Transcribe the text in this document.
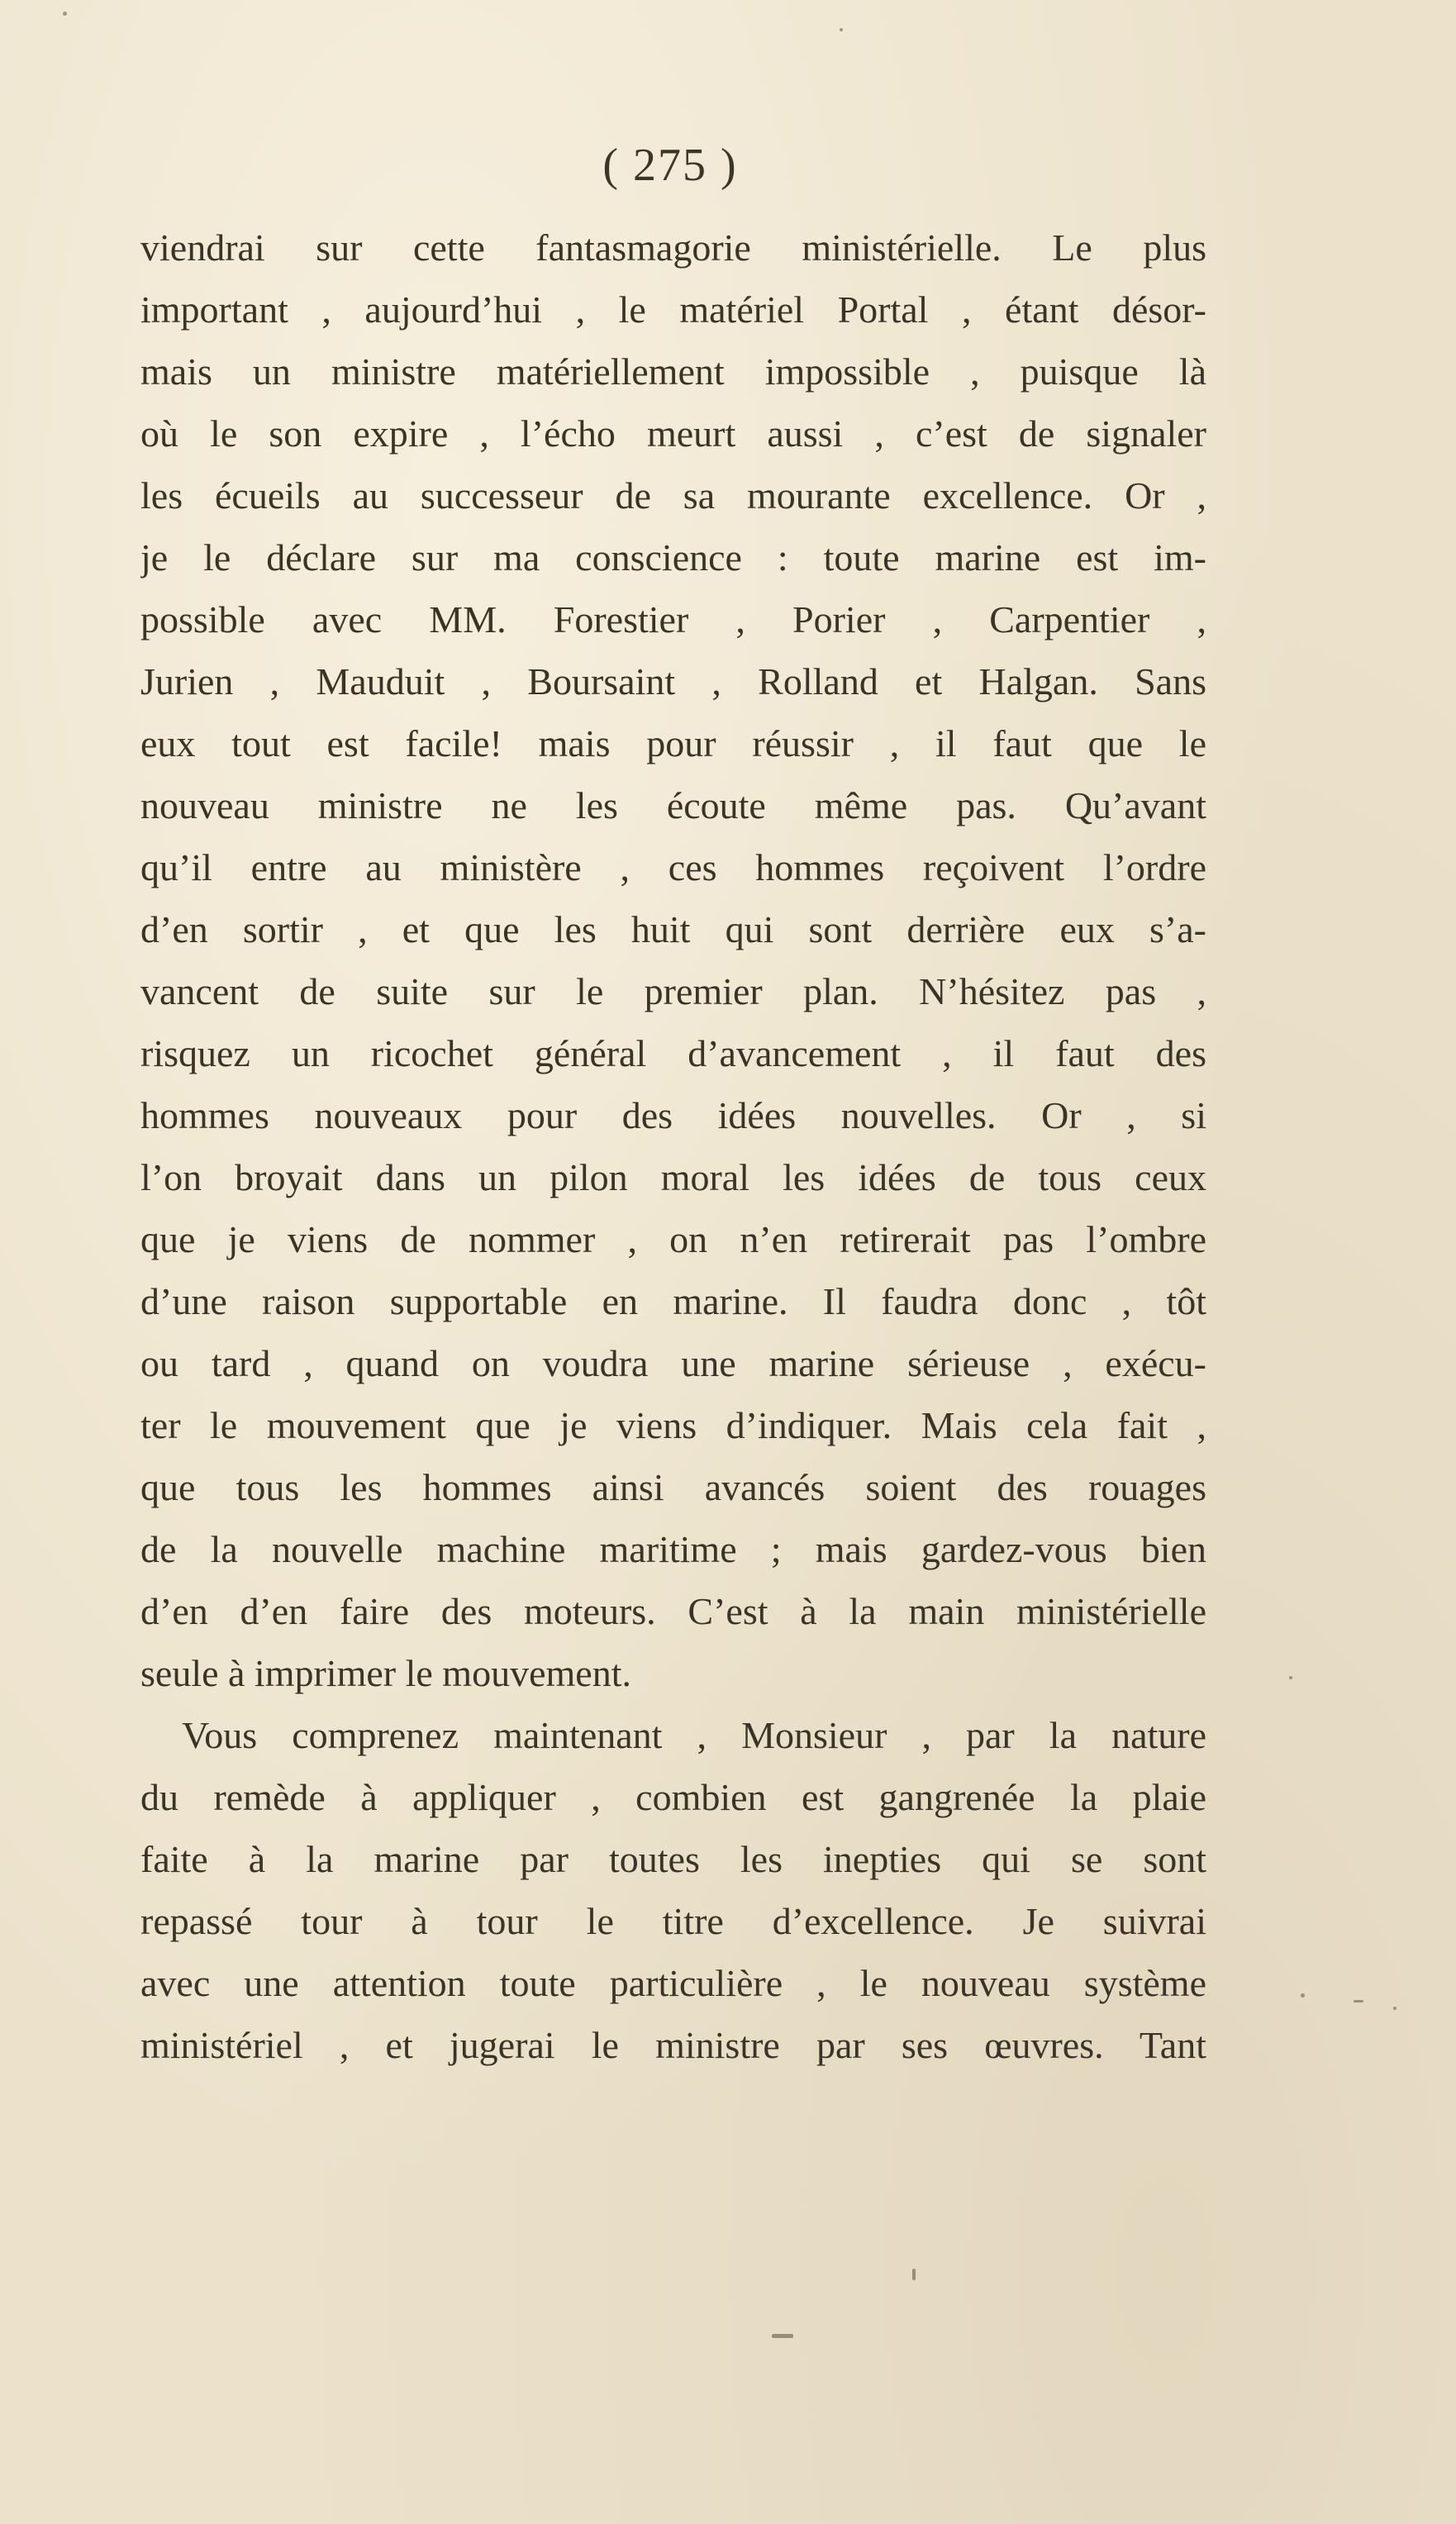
( 275 )
viendrai sur cette fantasmagorie ministérielle. Le plus
important , aujourd’hui , le matériel Portal , étant désor-
mais un ministre matériellement impossible , puisque là
où le son expire , l’écho meurt aussi , c’est de signaler
les écueils au successeur de sa mourante excellence. Or ,
je le déclare sur ma conscience : toute marine est im-
possible avec MM. Forestier , Porier , Carpentier ,
Jurien , Mauduit , Boursaint , Rolland et Halgan. Sans
eux tout est facile! mais pour réussir , il faut que le
nouveau ministre ne les écoute même pas. Qu’avant
qu’il entre au ministère , ces hommes reçoivent l’ordre
d’en sortir , et que les huit qui sont derrière eux s’a-
vancent de suite sur le premier plan. N’hésitez pas ,
risquez un ricochet général d’avancement , il faut des
hommes nouveaux pour des idées nouvelles. Or , si
l’on broyait dans un pilon moral les idées de tous ceux
que je viens de nommer , on n’en retirerait pas l’ombre
d’une raison supportable en marine. Il faudra donc , tôt
ou tard , quand on voudra une marine sérieuse , exécu-
ter le mouvement que je viens d’indiquer. Mais cela fait ,
que tous les hommes ainsi avancés soient des rouages
de la nouvelle machine maritime ; mais gardez-vous bien
d’en d’en faire des moteurs. C’est à la main ministérielle
seule à imprimer le mouvement.
Vous comprenez maintenant , Monsieur , par la nature
du remède à appliquer , combien est gangrenée la plaie
faite à la marine par toutes les inepties qui se sont
repassé tour à tour le titre d’excellence. Je suivrai
avec une attention toute particulière , le nouveau système
ministériel , et jugerai le ministre par ses œuvres. Tant
